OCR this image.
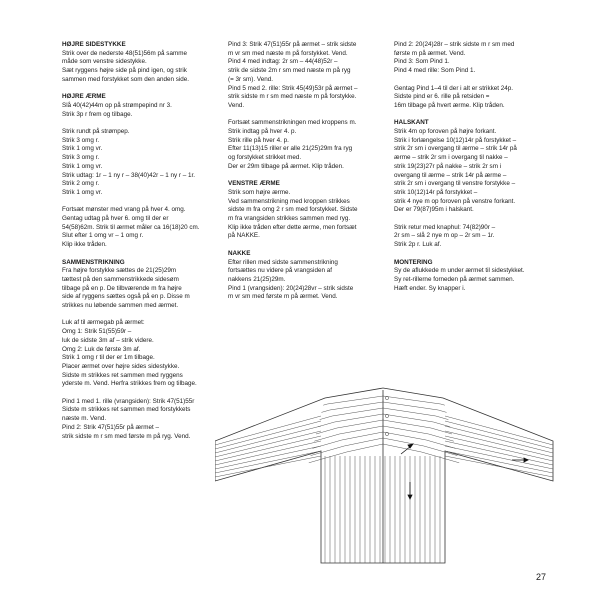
HØJRE SIDESTYKKE
Strik over de nederste 48(51)56m på samme
måde som venstre sidestykke.
Sæt ryggens højre side på pind igen, og strik
sammen med forstykket som den anden side.
HØJRE ÆRME
Slå 40(42)44m op på strømpepind nr 3.
Strik 3p r frem og tilbage.
Strik rundt på strømpep.
Strik 3 omg r.
Strik 1 omg vr.
Strik 3 omg r.
Strik 1 omg vr.
Strik udtag: 1r – 1 ny r – 38(40)42r – 1 ny r – 1r.
Strik 2 omg r.
Strik 1 omg vr.
Fortsæt mønster med vrang på hver 4. omg.
Gentag udtag på hver 6. omg til der er
54(58)62m. Strik til ærmet måler ca 16(18)20 cm.
Slut efter 1 omg vr – 1 omg r.
Klip ikke tråden.
SAMMENSTRIKNING
Fra højre forstykke sættes de 21(25)29m
tættest på den sammenstrikkede sidesøm
tilbage på en p. De tilbværende m fra højre
side af ryggens sættes også på en p. Disse m
strikkes nu løbende sammen med ærmet.
Luk af til ærmegab på ærmet:
Omg 1: Strik 51(55)59r –
luk de sidste 3m af – strik videre.
Omg 2: Luk de første 3m af.
Strik 1 omg r til der er 1m tilbage.
Placer ærmet over højre sides sidestykke.
Sidste m strikkes ret sammen med ryggens
yderste m. Vend. Herfra strikkes frem og tilbage.
Pind 1 med 1. rille (vrangsiden): Strik 47(51)55r
Sidste m strikkes ret sammen med forstykkets
næste m. Vend.
Pind 2: Strik 47(51)55r på ærmet –
strik sidste m r sm med første m på ryg. Vend.
Pind 3: Strik 47(51)55r på ærmet – strik sidste
m vr sm med næste m på forstykket. Vend.
Pind 4 med indtag: 2r sm – 44(48)52r –
strik de sidste 2m r sm med næste m på ryg
(= 3r sm). Vend.
Pind 5 med 2. rille: Strik 45(49)53r på ærmet –
strik sidste m r sm med næste m på forstykke.
Vend.
Fortsæt sammenstrikningen med kroppens m.
Strik indtag på hver 4. p.
Strik rille på hver 4. p.
Efter 11(13)15 riller er alle 21(25)29m fra ryg
og forstykket strikket med.
Der er 29m tilbage på ærmet. Klip tråden.
VENSTRE ÆRME
Strik som højre ærme.
Ved sammenstrikning med kroppen strikkes
sidste m fra omg 2 r sm med forstykket. Sidste
m fra vrangsiden strikkes sammen med ryg.
Klip ikke tråden efter dette ærme, men fortsæt
på NAKKE.
NAKKE
Efter rillen med sidste sammenstrikning
fortsættes nu videre på vrangsiden af
nakkens 21(25)29m.
Pind 1 (vrangsiden): 20(24)28vr – strik sidste
m vr sm med første m på ærmet. Vend.
Pind 2: 20(24)28r – strik sidste m r sm med
første m på ærmet. Vend.
Pind 3: Som Pind 1.
Pind 4 med rille: Som Pind 1.
Gentag Pind 1–4 til der i alt er strikket 24p.
Sidste pind er 6. rille på retsiden =
16m tilbage på hvert ærme. Klip tråden.
HALSKANT
Strik 4m op foroven på højre forkant.
Strik i forlængelse 10(12)14r på forstykket –
strik 2r sm i overgang til ærme – strik 14r på
ærme – strik 2r sm i overgang til nakke –
strik 19(23)27r på nakke – strik 2r sm i
overgang til ærme – strik 14r på ærme –
strik 2r sm i overgang til venstre forstykke –
strik 10(12)14r på forstykket –
strik 4 nye m op foroven på venstre forkant.
Der er 79(87)95m i halskant.
Strik retur med knaphul: 74(82)90r –
2r sm – slå 2 nye m op – 2r sm – 1r.
Strik 2p r. Luk af.
MONTERING
Sy de aflukkede m under ærmet til sidestykket.
Sy ret-rillerne forneden på ærmet sammen.
Hæft ender. Sy knapper i.
27
